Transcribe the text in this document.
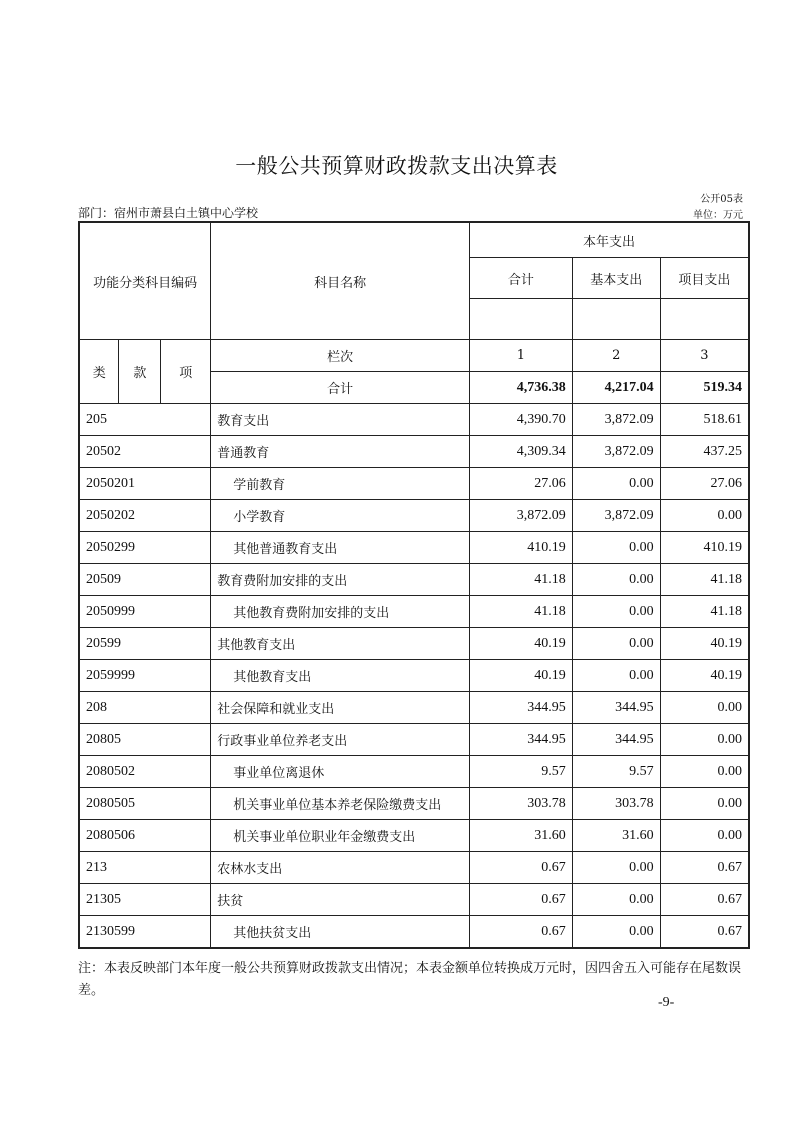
一般公共预算财政拨款支出决算表
公开05表
部门：宿州市萧县白土镇中心学校	单位：万元
功能分类科目编码			科目名称	本年支出		
				合计	基本支出	项目支出

类	款	项	栏次	1	2	3
			合计	4,736.38	4,217.04	519.34
205			教育支出	4,390.70	3,872.09	518.61
20502			普通教育	4,309.34	3,872.09	437.25
2050201			学前教育	27.06	0.00	27.06
2050202			小学教育	3,872.09	3,872.09	0.00
2050299			其他普通教育支出	410.19	0.00	410.19
20509			教育费附加安排的支出	41.18	0.00	41.18
2050999			其他教育费附加安排的支出	41.18	0.00	41.18
20599			其他教育支出	40.19	0.00	40.19
2059999			其他教育支出	40.19	0.00	40.19
208			社会保障和就业支出	344.95	344.95	0.00
20805			行政事业单位养老支出	344.95	344.95	0.00
2080502			事业单位离退休	9.57	9.57	0.00
2080505			机关事业单位基本养老保险缴费支出	303.78	303.78	0.00
2080506			机关事业单位职业年金缴费支出	31.60	31.60	0.00
213			农林水支出	0.67	0.00	0.67
21305			扶贫	0.67	0.00	0.67
2130599			其他扶贫支出	0.67	0.00	0.67
注：本表反映部门本年度一般公共预算财政拨款支出情况；本表金额单位转换成万元时，因四舍五入可能存在尾数误差。
-9-
